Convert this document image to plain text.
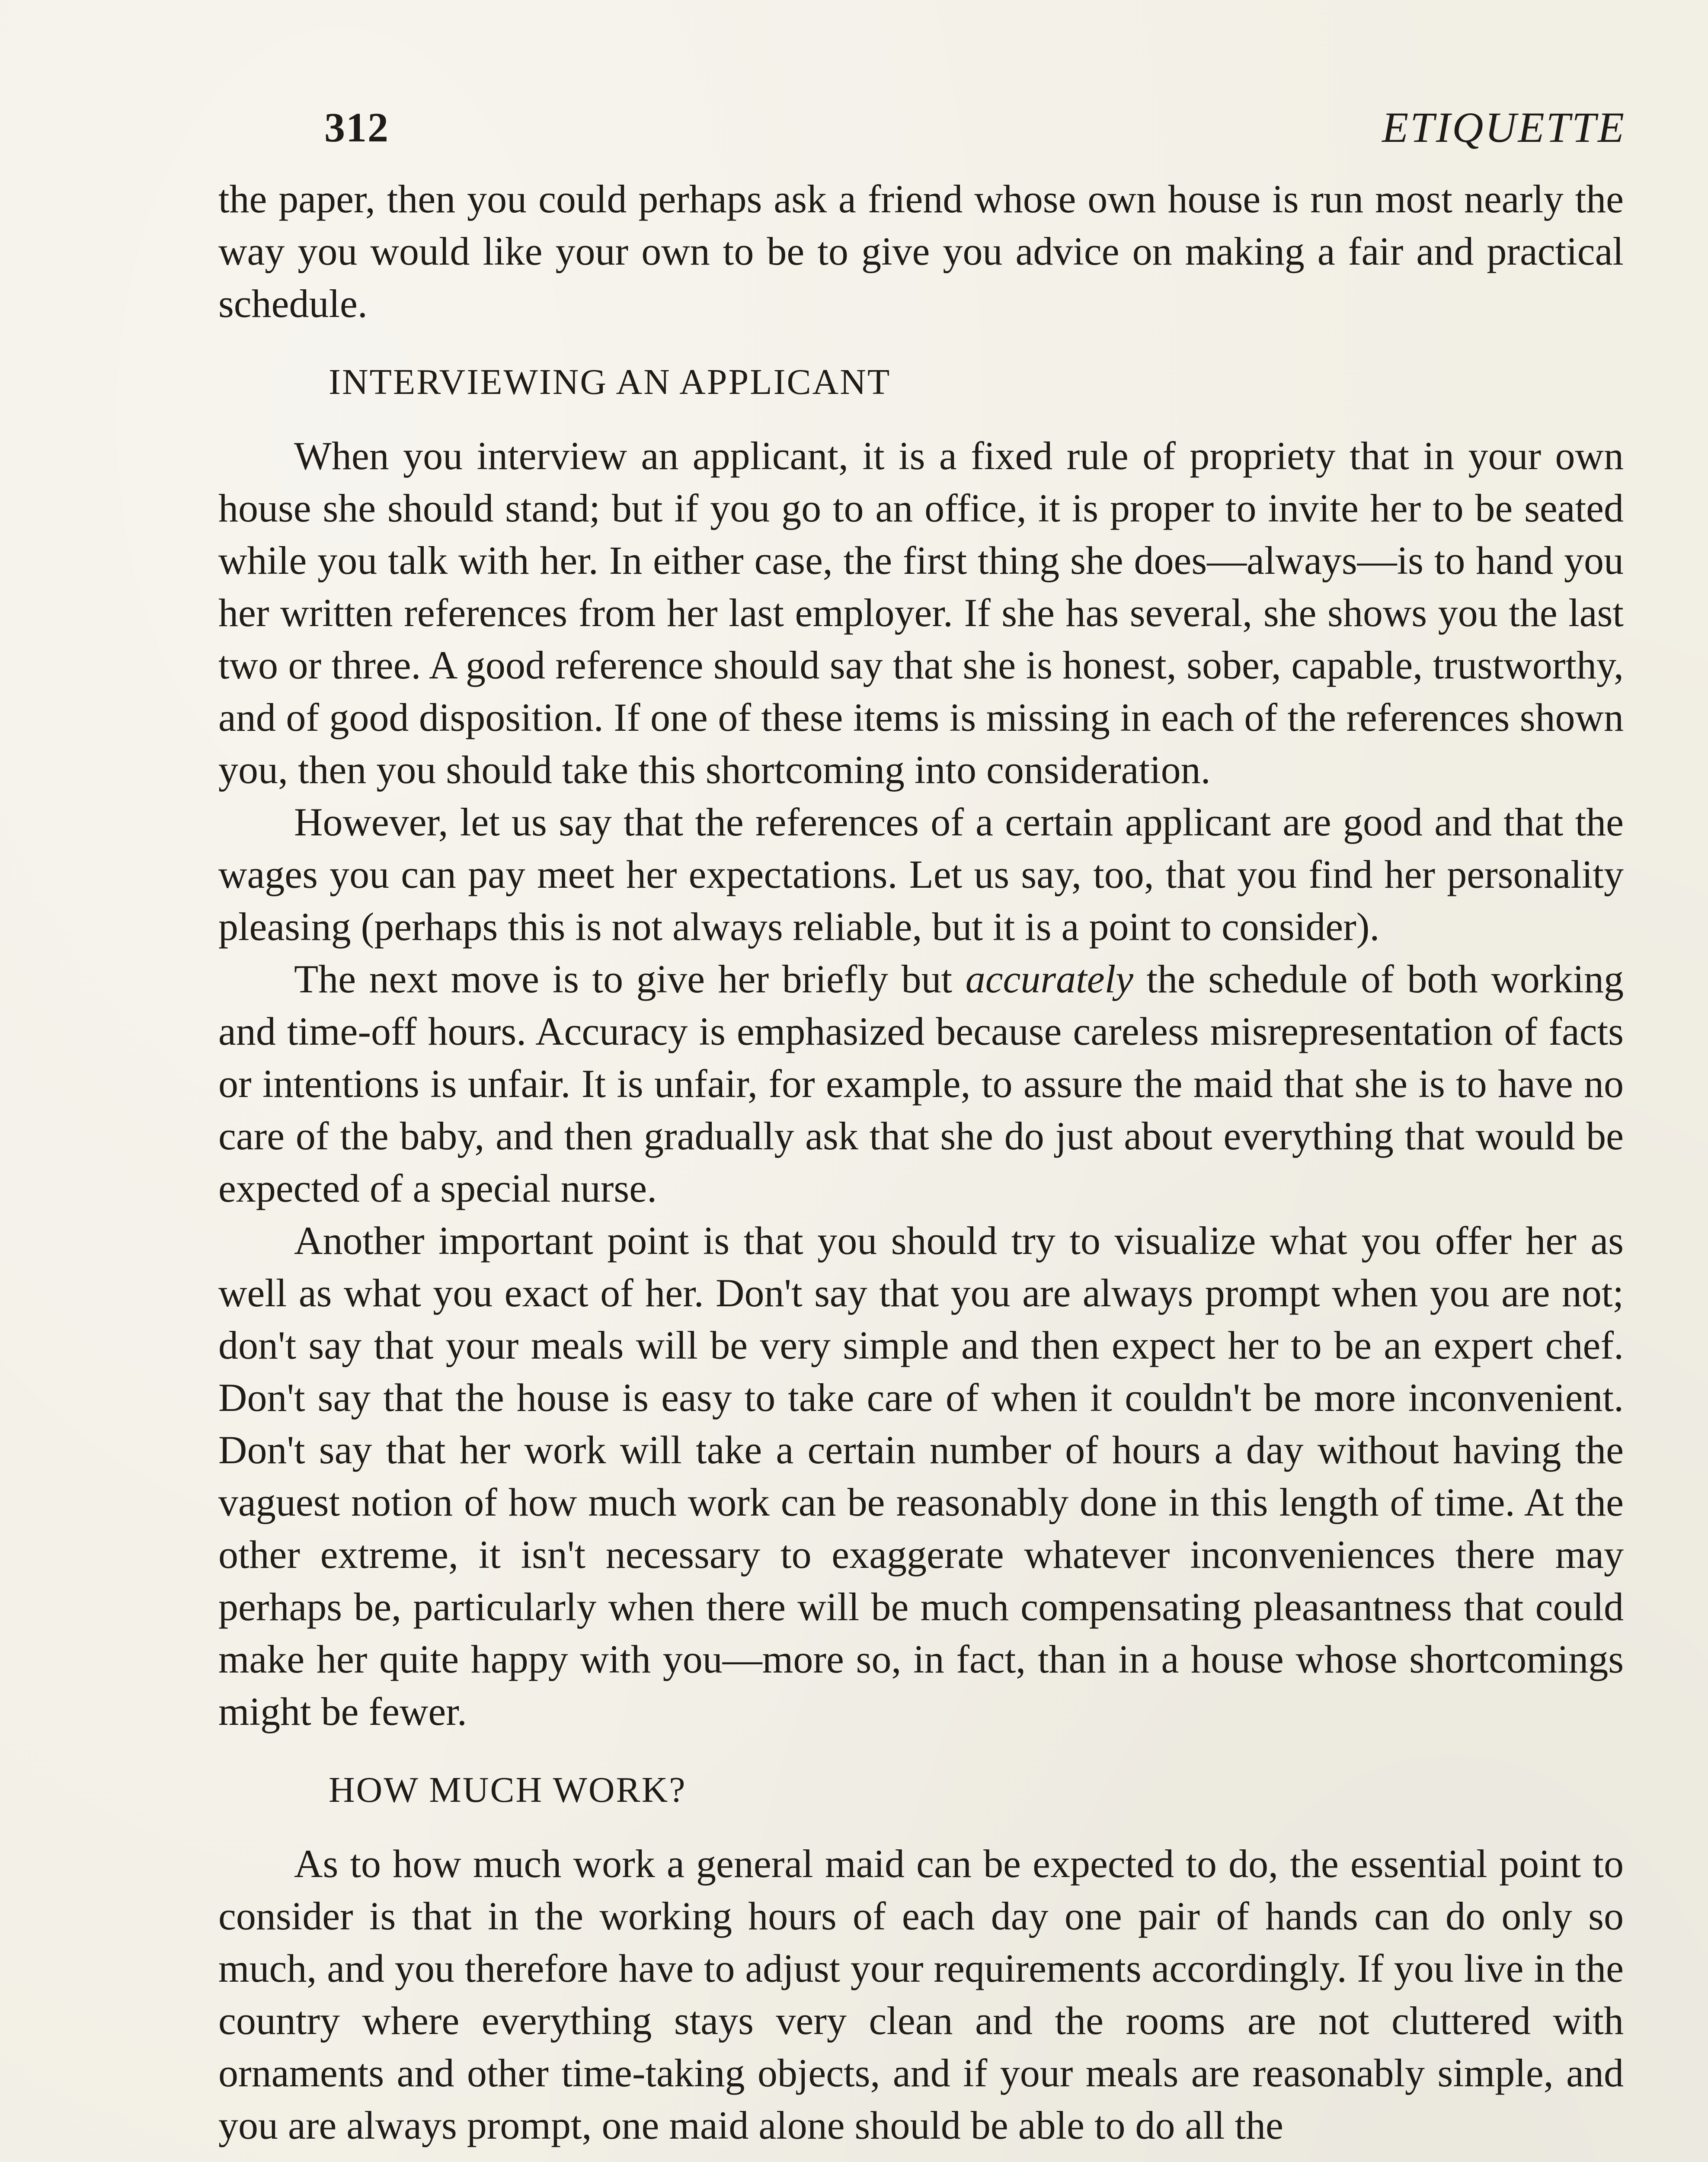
312	ETIQUETTE

the paper, then you could perhaps ask a friend whose own house is run most nearly the way you would like your own to be to give you advice on making a fair and practical schedule.

INTERVIEWING AN APPLICANT

When you interview an applicant, it is a fixed rule of propriety that in your own house she should stand; but if you go to an office, it is proper to invite her to be seated while you talk with her. In either case, the first thing she does—always—is to hand you her written references from her last employer. If she has several, she shows you the last two or three. A good reference should say that she is honest, sober, capable, trustworthy, and of good disposition. If one of these items is missing in each of the references shown you, then you should take this shortcoming into consideration.

However, let us say that the references of a certain applicant are good and that the wages you can pay meet her expectations. Let us say, too, that you find her personality pleasing (perhaps this is not always reliable, but it is a point to consider).

The next move is to give her briefly but accurately the schedule of both working and time-off hours. Accuracy is emphasized because careless misrepresentation of facts or intentions is unfair. It is unfair, for example, to assure the maid that she is to have no care of the baby, and then gradually ask that she do just about everything that would be expected of a special nurse.

Another important point is that you should try to visualize what you offer her as well as what you exact of her. Don't say that you are always prompt when you are not; don't say that your meals will be very simple and then expect her to be an expert chef. Don't say that the house is easy to take care of when it couldn't be more inconvenient. Don't say that her work will take a certain number of hours a day without having the vaguest notion of how much work can be reasonably done in this length of time. At the other extreme, it isn't necessary to exaggerate whatever inconveniences there may perhaps be, particularly when there will be much compensating pleasantness that could make her quite happy with you—more so, in fact, than in a house whose shortcomings might be fewer.

HOW MUCH WORK?

As to how much work a general maid can be expected to do, the essential point to consider is that in the working hours of each day one pair of hands can do only so much, and you therefore have to adjust your requirements accordingly. If you live in the country where everything stays very clean and the rooms are not cluttered with ornaments and other time-taking objects, and if your meals are reasonably simple, and you are always prompt, one maid alone should be able to do all the
